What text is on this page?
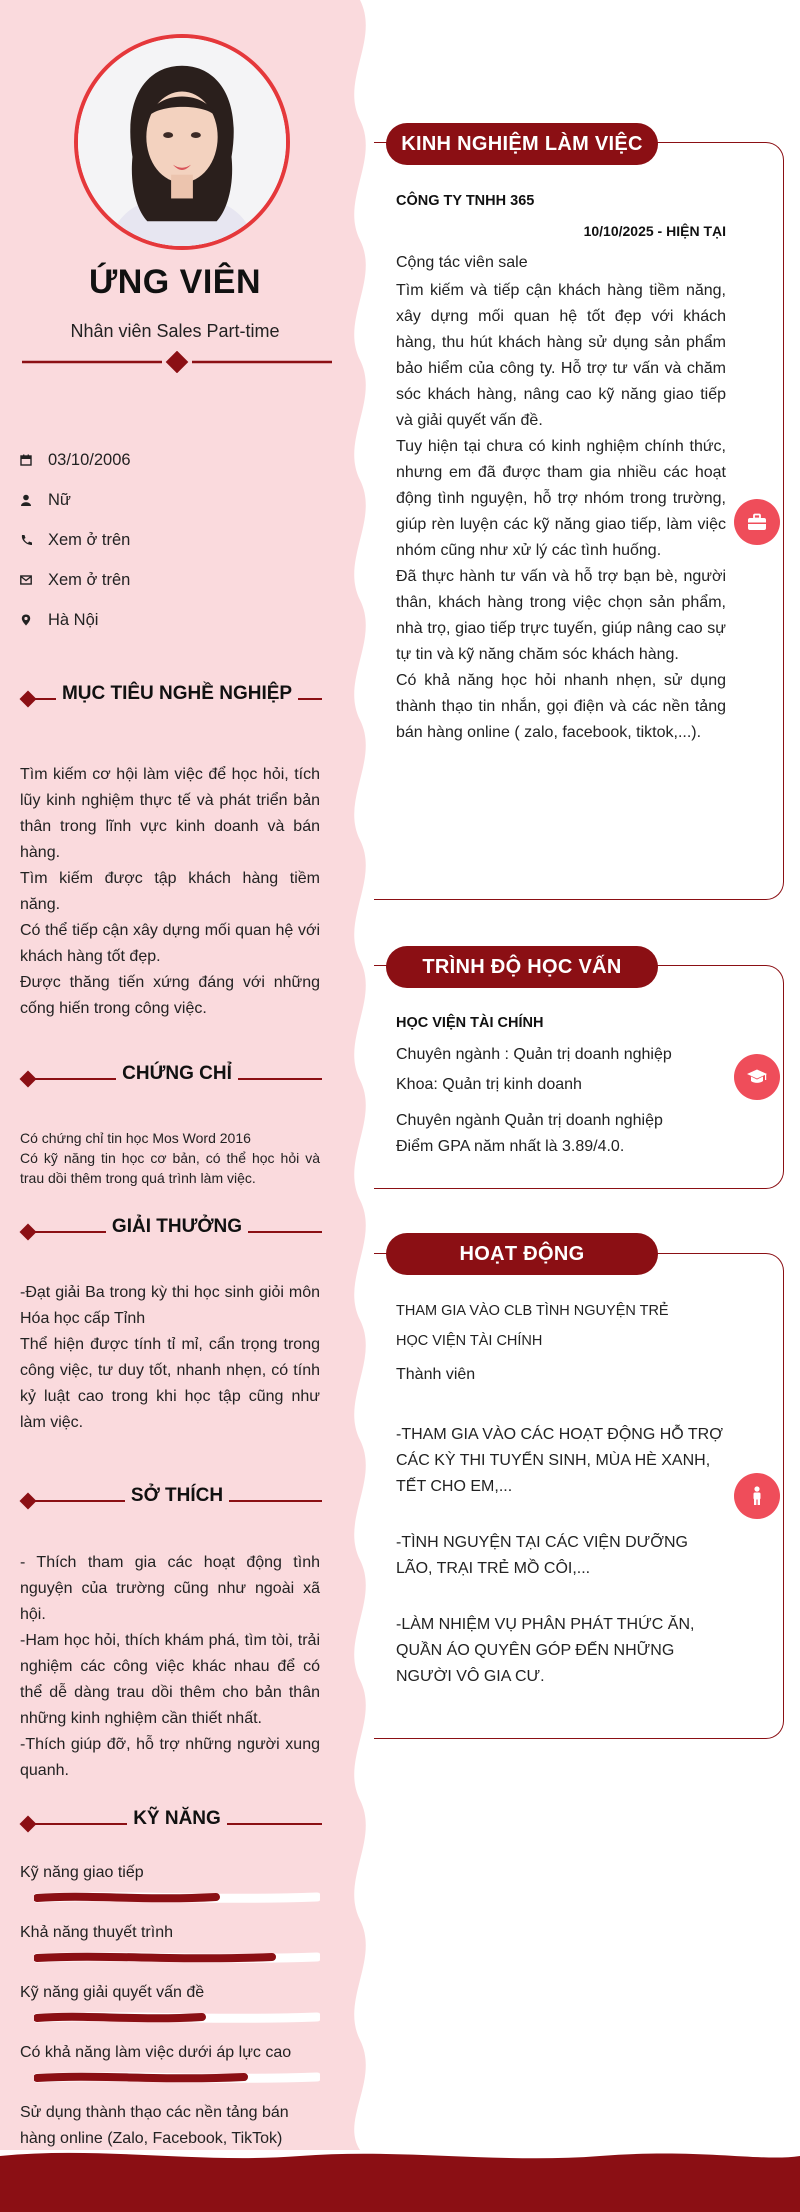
ỨNG VIÊN
Nhân viên Sales Part-time
03/10/2006
Nữ
Xem ở trên
Xem ở trên
Hà Nội
MỤC TIÊU NGHỀ NGHIỆP

Tìm kiếm cơ hội làm việc để học hỏi, tích lũy kinh nghiệm thực tế và phát triển bản thân trong lĩnh vực kinh doanh và bán hàng.

Tìm kiếm được tập khách hàng tiềm năng.

Có thể tiếp cận xây dựng mối quan hệ với khách hàng tốt đẹp.

Được thăng tiến xứng đáng với những cống hiến trong công việc.

CHỨNG CHỈ

Có chứng chỉ tin học Mos Word 2016

Có kỹ năng tin học cơ bản, có thể học hỏi và trau dồi thêm trong quá trình làm việc.

GIẢI THƯỞNG

-Đạt giải Ba trong kỳ thi học sinh giỏi môn Hóa học cấp Tỉnh

Thể hiện được tính tỉ mỉ, cẩn trọng trong công việc, tư duy tốt, nhanh nhẹn, có tính kỷ luật cao trong khi học tập cũng như làm việc.

SỞ THÍCH

- Thích tham gia các hoạt động tình nguyện của trường cũng như ngoài xã hội.

-Ham học hỏi, thích khám phá, tìm tòi, trải nghiệm các công việc khác nhau để có thể dễ dàng trau dồi thêm cho bản thân những kinh nghiệm cần thiết nhất.

-Thích giúp đỡ, hỗ trợ những người xung quanh.

KỸ NĂNG
Kỹ năng giao tiếp
Khả năng thuyết trình
Kỹ năng giải quyết vấn đề
Có khả năng làm việc dưới áp lực cao
Sử dụng thành thạo các nền tảng bán hàng online (Zalo, Facebook, TikTok)
KINH NGHIỆM LÀM VIỆC

CÔNG TY TNHH 365

10/10/2025 - HIỆN TẠI

Cộng tác viên sale

Tìm kiếm và tiếp cận khách hàng tiềm năng, xây dựng mối quan hệ tốt đẹp với khách hàng, thu hút khách hàng sử dụng sản phẩm bảo hiểm của công ty. Hỗ trợ tư vấn và chăm sóc khách hàng, nâng cao kỹ năng giao tiếp và giải quyết vấn đề.

Tuy hiện tại chưa có kinh nghiệm chính thức, nhưng em đã được tham gia nhiều các hoạt động tình nguyện, hỗ trợ nhóm trong trường, giúp rèn luyện các kỹ năng giao tiếp, làm việc nhóm cũng như xử lý các tình huống.

Đã thực hành tư vấn và hỗ trợ bạn bè, người thân, khách hàng trong việc chọn sản phẩm, nhà trọ, giao tiếp trực tuyến, giúp nâng cao sự tự tin và kỹ năng chăm sóc khách hàng.

Có khả năng học hỏi nhanh nhẹn, sử dụng thành thạo tin nhắn, gọi điện và các nền tảng bán hàng online ( zalo, facebook, tiktok,...).

TRÌNH ĐỘ HỌC VẤN

HỌC VIỆN TÀI CHÍNH

Chuyên ngành : Quản trị doanh nghiệp

Khoa: Quản trị kinh doanh

Chuyên ngành Quản trị doanh nghiệp

Điểm GPA năm nhất là 3.89/4.0.

HOẠT ĐỘNG

THAM GIA VÀO CLB TÌNH NGUYỆN TRẺ

HỌC VIỆN TÀI CHÍNH

Thành viên

-THAM GIA VÀO CÁC HOẠT ĐỘNG HỖ TRỢ CÁC KỲ THI TUYỂN SINH, MÙA HÈ XANH, TẾT CHO EM,...

-TÌNH NGUYỆN TẠI CÁC VIỆN DƯỠNG LÃO, TRẠI TRẺ MỒ CÔI,...

-LÀM NHIỆM VỤ PHÂN PHÁT THỨC ĂN, QUẦN ÁO QUYÊN GÓP ĐẾN NHỮNG NGƯỜI VÔ GIA CƯ.
